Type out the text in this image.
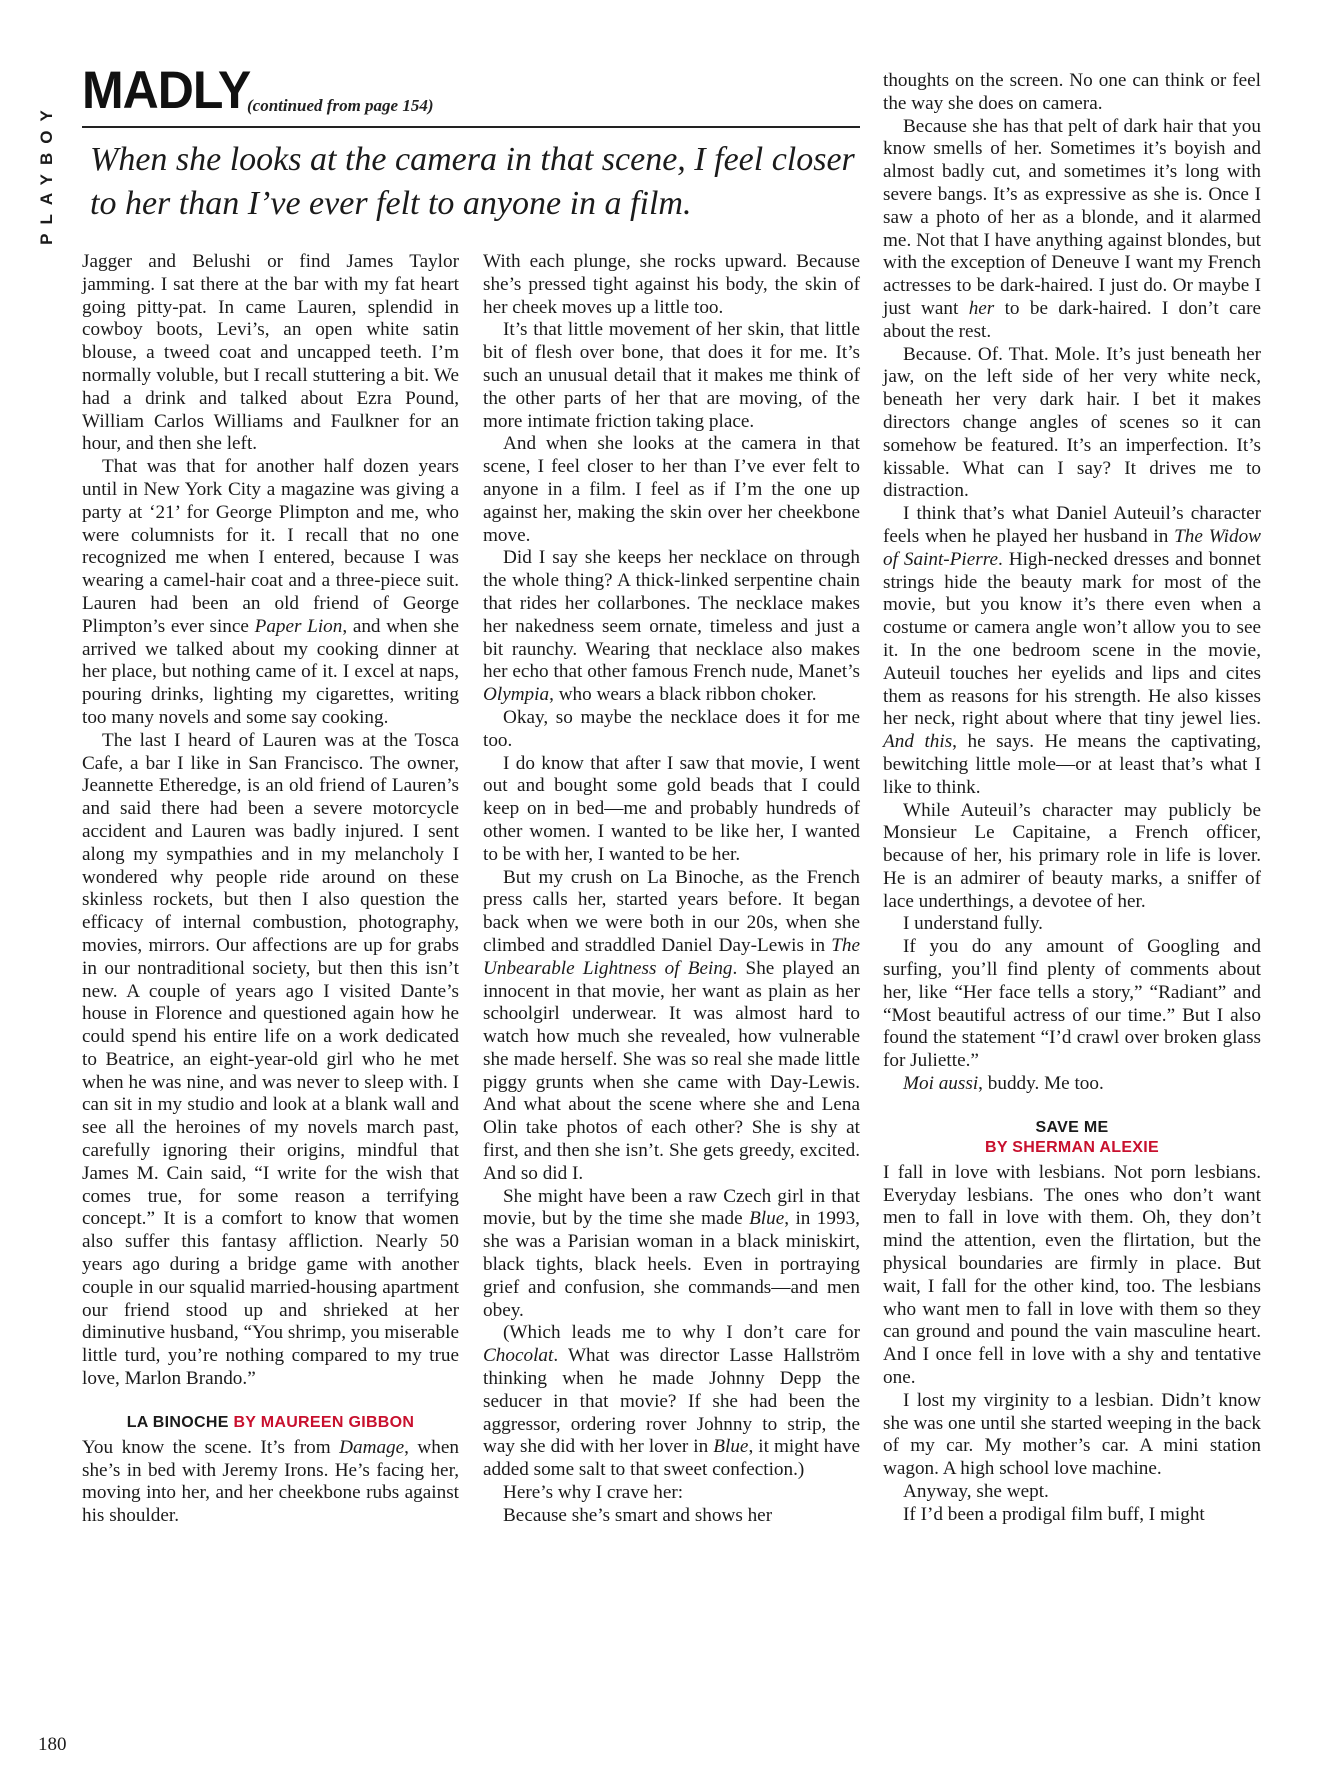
PLAYBOY
MADLY
(continued from page 154)
When she looks at the camera in that scene, I feel closer to her than I’ve ever felt to anyone in a film.

Jagger and Belushi or find James Taylor jamming. I sat there at the bar with my fat heart going pitty-pat. In came Lauren, splendid in cowboy boots, Levi’s, an open white satin blouse, a tweed coat and uncapped teeth. I’m normally voluble, but I recall stuttering a bit. We had a drink and talked about Ezra Pound, William Carlos Williams and Faulkner for an hour, and then she left.

That was that for another half dozen years until in New York City a magazine was giving a party at ‘21’ for George Plimpton and me, who were columnists for it. I recall that no one recognized me when I entered, because I was wearing a camel-hair coat and a three-piece suit. Lauren had been an old friend of George Plimpton’s ever since Paper Lion, and when she arrived we talked about my cooking dinner at her place, but nothing came of it. I excel at naps, pouring drinks, lighting my cigarettes, writing too many novels and some say cooking.

The last I heard of Lauren was at the Tosca Cafe, a bar I like in San Francisco. The owner, Jeannette Etheredge, is an old friend of Lauren’s and said there had been a severe motorcycle accident and Lauren was badly injured. I sent along my sympathies and in my melancholy I wondered why people ride around on these skinless rockets, but then I also question the efficacy of internal combustion, photography, movies, mirrors. Our affections are up for grabs in our nontraditional society, but then this isn’t new. A couple of years ago I visited Dante’s house in Florence and questioned again how he could spend his entire life on a work dedicated to Beatrice, an eight-year-old girl who he met when he was nine, and was never to sleep with. I can sit in my studio and look at a blank wall and see all the heroines of my novels march past, carefully ignoring their origins, mindful that James M. Cain said, “I write for the wish that comes true, for some reason a terrifying concept.” It is a comfort to know that women also suffer this fantasy affliction. Nearly 50 years ago during a bridge game with another couple in our squalid married-housing apartment our friend stood up and shrieked at her diminutive husband, “You shrimp, you miserable little turd, you’re nothing compared to my true love, Marlon Brando.”

LA BINOCHE BY MAUREEN GIBBON

You know the scene. It’s from Damage, when she’s in bed with Jeremy Irons. He’s facing her, moving into her, and her cheekbone rubs against his shoulder.

With each plunge, she rocks upward. Because she’s pressed tight against his body, the skin of her cheek moves up a little too.

It’s that little movement of her skin, that little bit of flesh over bone, that does it for me. It’s such an unusual detail that it makes me think of the other parts of her that are moving, of the more intimate friction taking place.

And when she looks at the camera in that scene, I feel closer to her than I’ve ever felt to anyone in a film. I feel as if I’m the one up against her, making the skin over her cheekbone move.

Did I say she keeps her necklace on through the whole thing? A thick-linked serpentine chain that rides her collarbones. The necklace makes her nakedness seem ornate, timeless and just a bit raunchy. Wearing that necklace also makes her echo that other famous French nude, Manet’s Olympia, who wears a black ribbon choker.

Okay, so maybe the necklace does it for me too.

I do know that after I saw that movie, I went out and bought some gold beads that I could keep on in bed—me and probably hundreds of other women. I wanted to be like her, I wanted to be with her, I wanted to be her.

But my crush on La Binoche, as the French press calls her, started years before. It began back when we were both in our 20s, when she climbed and straddled Daniel Day-Lewis in The Unbearable Lightness of Being. She played an innocent in that movie, her want as plain as her schoolgirl underwear. It was almost hard to watch how much she revealed, how vulnerable she made herself. She was so real she made little piggy grunts when she came with Day-Lewis. And what about the scene where she and Lena Olin take photos of each other? She is shy at first, and then she isn’t. She gets greedy, excited. And so did I.

She might have been a raw Czech girl in that movie, but by the time she made Blue, in 1993, she was a Parisian woman in a black miniskirt, black tights, black heels. Even in portraying grief and confusion, she commands—and men obey.

(Which leads me to why I don’t care for Chocolat. What was director Lasse Hallström thinking when he made Johnny Depp the seducer in that movie? If she had been the aggressor, ordering rover Johnny to strip, the way she did with her lover in Blue, it might have added some salt to that sweet confection.)

Here’s why I crave her:

Because she’s smart and shows her

thoughts on the screen. No one can think or feel the way she does on camera.

Because she has that pelt of dark hair that you know smells of her. Sometimes it’s boyish and almost badly cut, and sometimes it’s long with severe bangs. It’s as expressive as she is. Once I saw a photo of her as a blonde, and it alarmed me. Not that I have anything against blondes, but with the exception of Deneuve I want my French actresses to be dark-haired. I just do. Or maybe I just want her to be dark-haired. I don’t care about the rest.

Because. Of. That. Mole. It’s just beneath her jaw, on the left side of her very white neck, beneath her very dark hair. I bet it makes directors change angles of scenes so it can somehow be featured. It’s an imperfection. It’s kissable. What can I say? It drives me to distraction.

I think that’s what Daniel Auteuil’s character feels when he played her husband in The Widow of Saint-Pierre. High-necked dresses and bonnet strings hide the beauty mark for most of the movie, but you know it’s there even when a costume or camera angle won’t allow you to see it. In the one bedroom scene in the movie, Auteuil touches her eyelids and lips and cites them as reasons for his strength. He also kisses her neck, right about where that tiny jewel lies. And this, he says. He means the captivating, bewitching little mole—or at least that’s what I like to think.

While Auteuil’s character may publicly be Monsieur Le Capitaine, a French officer, because of her, his primary role in life is lover. He is an admirer of beauty marks, a sniffer of lace underthings, a devotee of her.

I understand fully.

If you do any amount of Googling and surfing, you’ll find plenty of comments about her, like “Her face tells a story,” “Radiant” and “Most beautiful actress of our time.” But I also found the statement “I’d crawl over broken glass for Juliette.”

Moi aussi, buddy. Me too.

SAVE ME
BY SHERMAN ALEXIE

I fall in love with lesbians. Not porn lesbians. Everyday lesbians. The ones who don’t want men to fall in love with them. Oh, they don’t mind the attention, even the flirtation, but the physical boundaries are firmly in place. But wait, I fall for the other kind, too. The lesbians who want men to fall in love with them so they can ground and pound the vain masculine heart. And I once fell in love with a shy and tentative one.

I lost my virginity to a lesbian. Didn’t know she was one until she started weeping in the back of my car. My mother’s car. A mini station wagon. A high school love machine.

Anyway, she wept.

If I’d been a prodigal film buff, I might

180
